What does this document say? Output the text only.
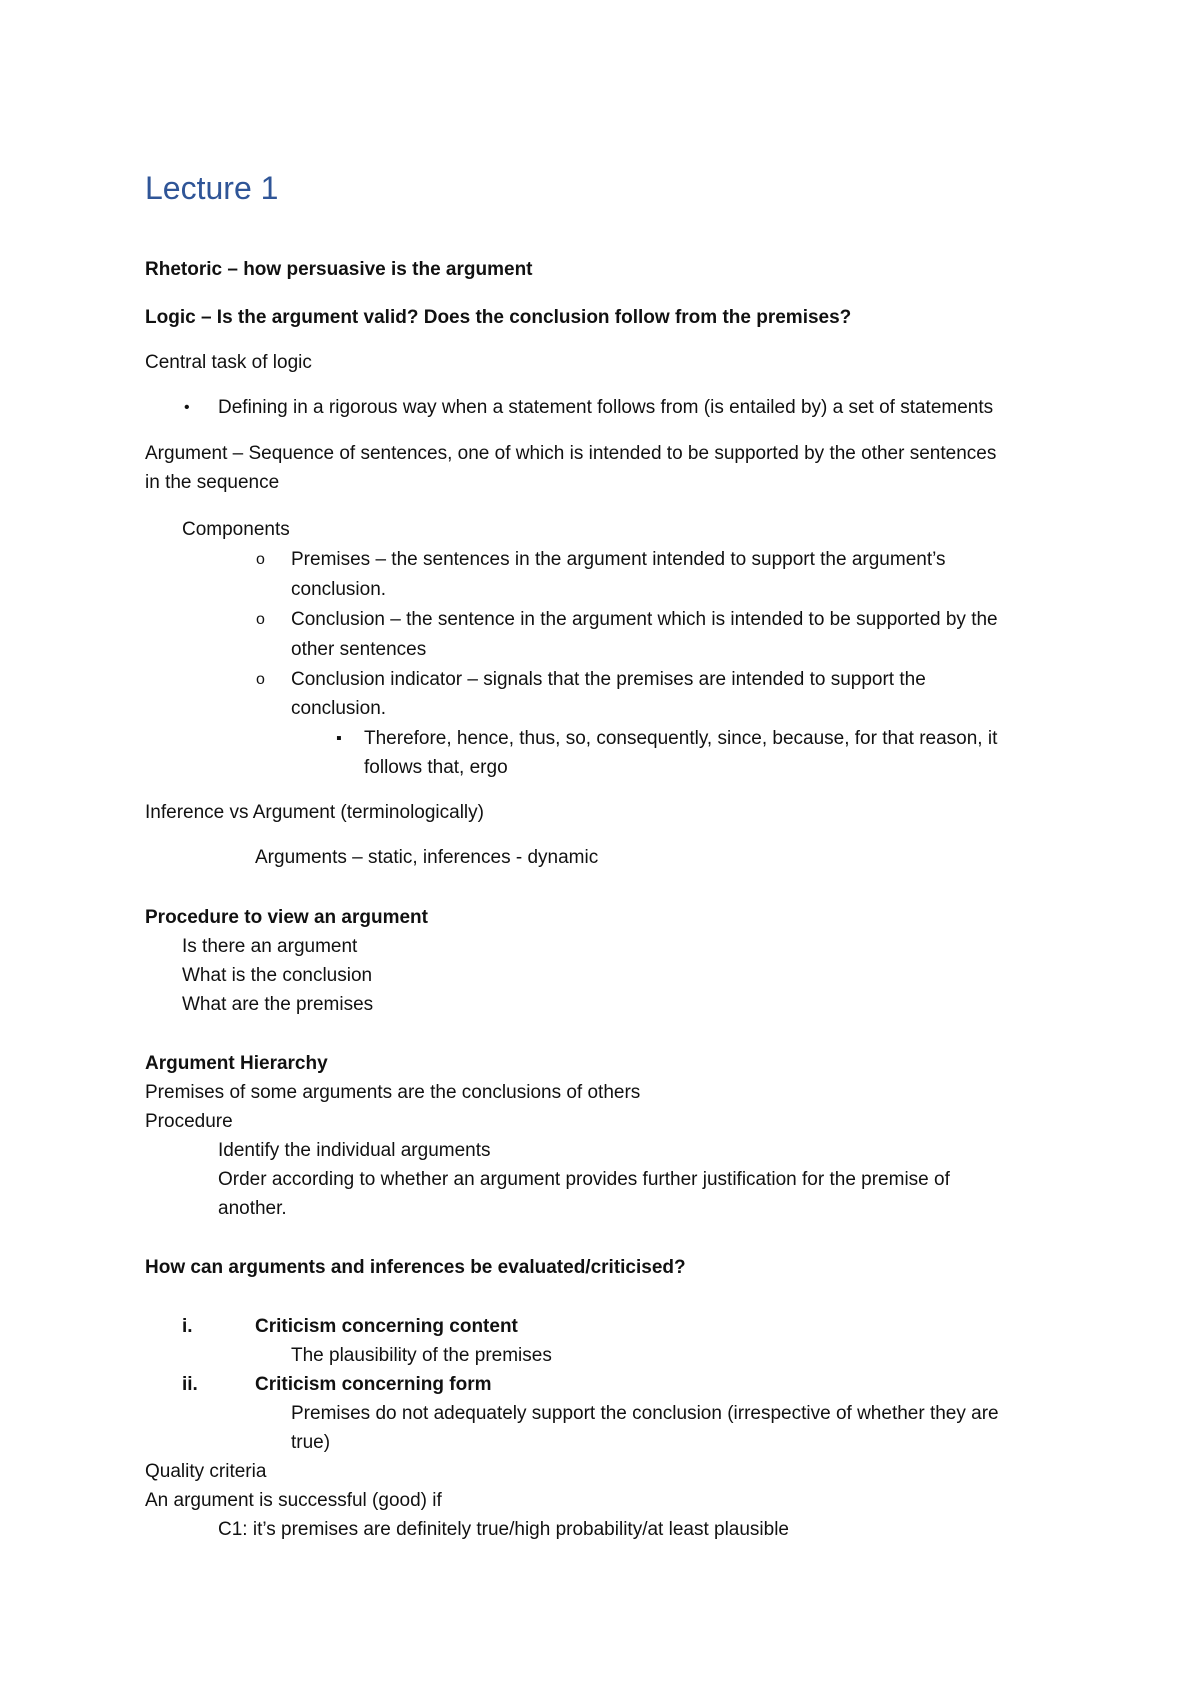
Lecture 1
Rhetoric – how persuasive is the argument
Logic – Is the argument valid? Does the conclusion follow from the premises?
Central task of logic
• Defining in a rigorous way when a statement follows from (is entailed by) a set of statements
Argument – Sequence of sentences, one of which is intended to be supported by the other sentences
in the sequence
Components
o Premises – the sentences in the argument intended to support the argument’s
conclusion.
o Conclusion – the sentence in the argument which is intended to be supported by the
other sentences
o Conclusion indicator – signals that the premises are intended to support the
conclusion.
▪ Therefore, hence, thus, so, consequently, since, because, for that reason, it
follows that, ergo
Inference vs Argument (terminologically)
Arguments – static, inferences - dynamic
Procedure to view an argument
Is there an argument
What is the conclusion
What are the premises
Argument Hierarchy
Premises of some arguments are the conclusions of others
Procedure
Identify the individual arguments
Order according to whether an argument provides further justification for the premise of
another.
How can arguments and inferences be evaluated/criticised?
i.	Criticism concerning content
The plausibility of the premises
ii.	Criticism concerning form
Premises do not adequately support the conclusion (irrespective of whether they are
true)
Quality criteria
An argument is successful (good) if
C1: it’s premises are definitely true/high probability/at least plausible
